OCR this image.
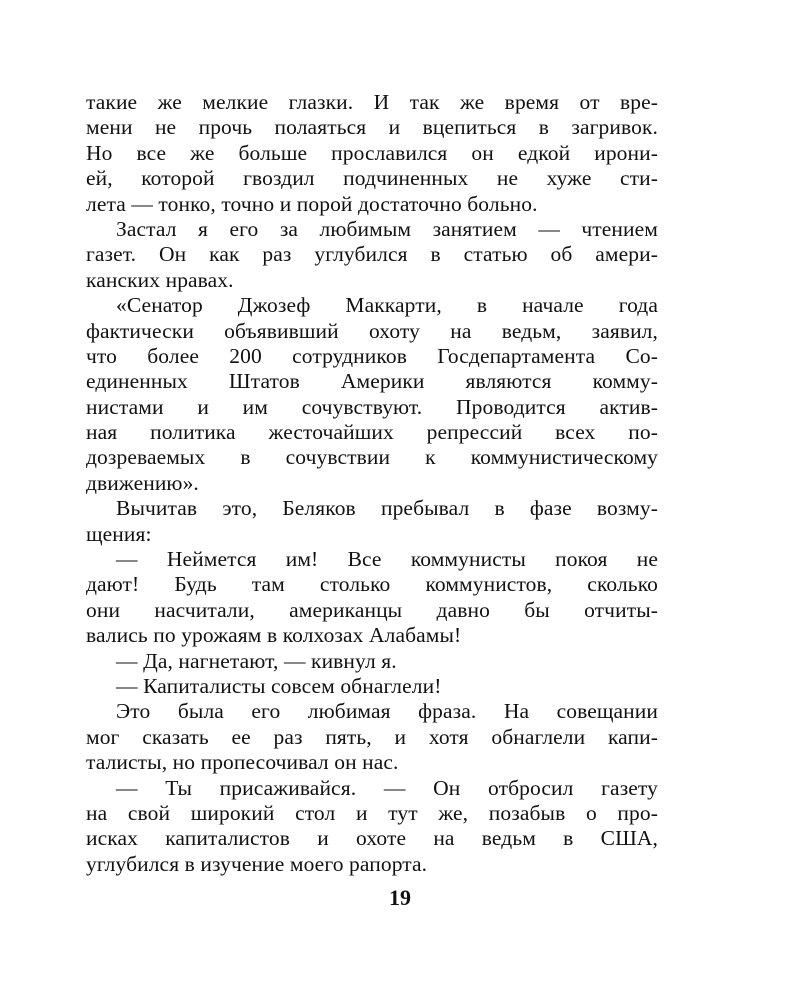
такие же мелкие глазки. И так же время от вре-
мени не прочь полаяться и вцепиться в загривок.
Но все же больше прославился он едкой ирони-
ей, которой гвоздил подчиненных не хуже сти-
лета — тонко, точно и порой достаточно больно.
Застал я его за любимым занятием — чтением
газет. Он как раз углубился в статью об амери-
канских нравах.
«Сенатор Джозеф Маккарти, в начале года
фактически объявивший охоту на ведьм, заявил,
что более 200 сотрудников Госдепартамента Со-
единенных Штатов Америки являются комму-
нистами и им сочувствуют. Проводится актив-
ная политика жесточайших репрессий всех по-
дозреваемых в сочувствии к коммунистическому
движению».
Вычитав это, Беляков пребывал в фазе возму-
щения:
— Неймется им! Все коммунисты покоя не
дают! Будь там столько коммунистов, сколько
они насчитали, американцы давно бы отчиты-
вались по урожаям в колхозах Алабамы!
— Да, нагнетают, — кивнул я.
— Капиталисты совсем обнаглели!
Это была его любимая фраза. На совещании
мог сказать ее раз пять, и хотя обнаглели капи-
талисты, но пропесочивал он нас.
— Ты присаживайся. — Он отбросил газету
на свой широкий стол и тут же, позабыв о про-
исках капиталистов и охоте на ведьм в США,
углубился в изучение моего рапорта.
19
